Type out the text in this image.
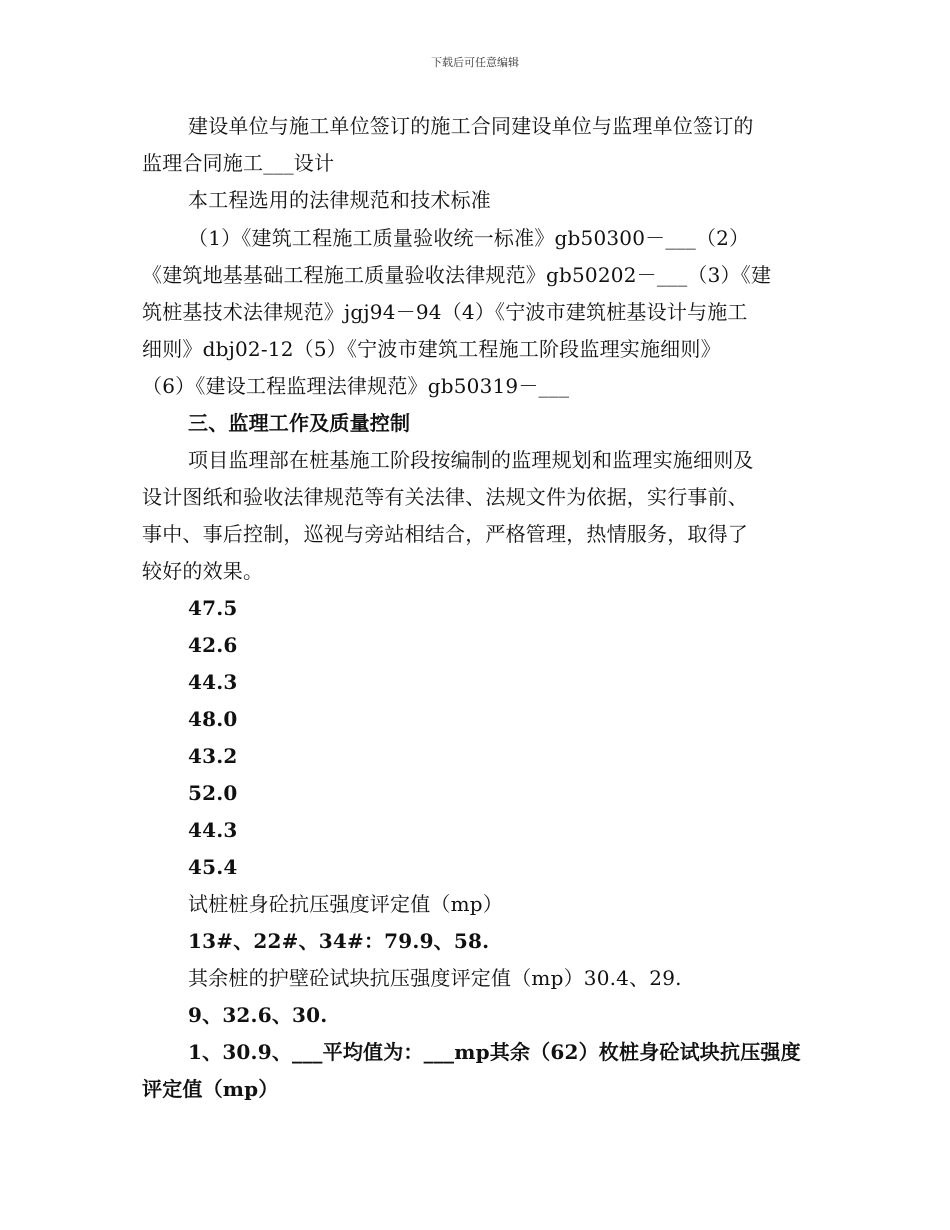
下载后可任意编辑
建设单位与施工单位签订的施工合同建设单位与监理单位签订的
监理合同施工___设计
本工程选用的法律规范和技术标准
（1）《建筑工程施工质量验收统一标准》gb50300－___（2）
《建筑地基基础工程施工质量验收法律规范》gb50202－___（3）《建
筑桩基技术法律规范》jgj94－94（4）《宁波市建筑桩基设计与施工
细则》dbj02-12（5）《宁波市建筑工程施工阶段监理实施细则》
（6）《建设工程监理法律规范》gb50319－___
三、监理工作及质量控制
项目监理部在桩基施工阶段按编制的监理规划和监理实施细则及
设计图纸和验收法律规范等有关法律、法规文件为依据，实行事前、
事中、事后控制，巡视与旁站相结合，严格管理，热情服务，取得了
较好的效果。
47.5
42.6
44.3
48.0
43.2
52.0
44.3
45.4
试桩桩身砼抗压强度评定值（mp）
13#、22#、34#：79.9、58.
其余桩的护壁砼试块抗压强度评定值（mp）30.4、29.
9、32.6、30.
1、30.9、___平均值为：___mp其余（62）枚桩身砼试块抗压强度
评定值（mp）
